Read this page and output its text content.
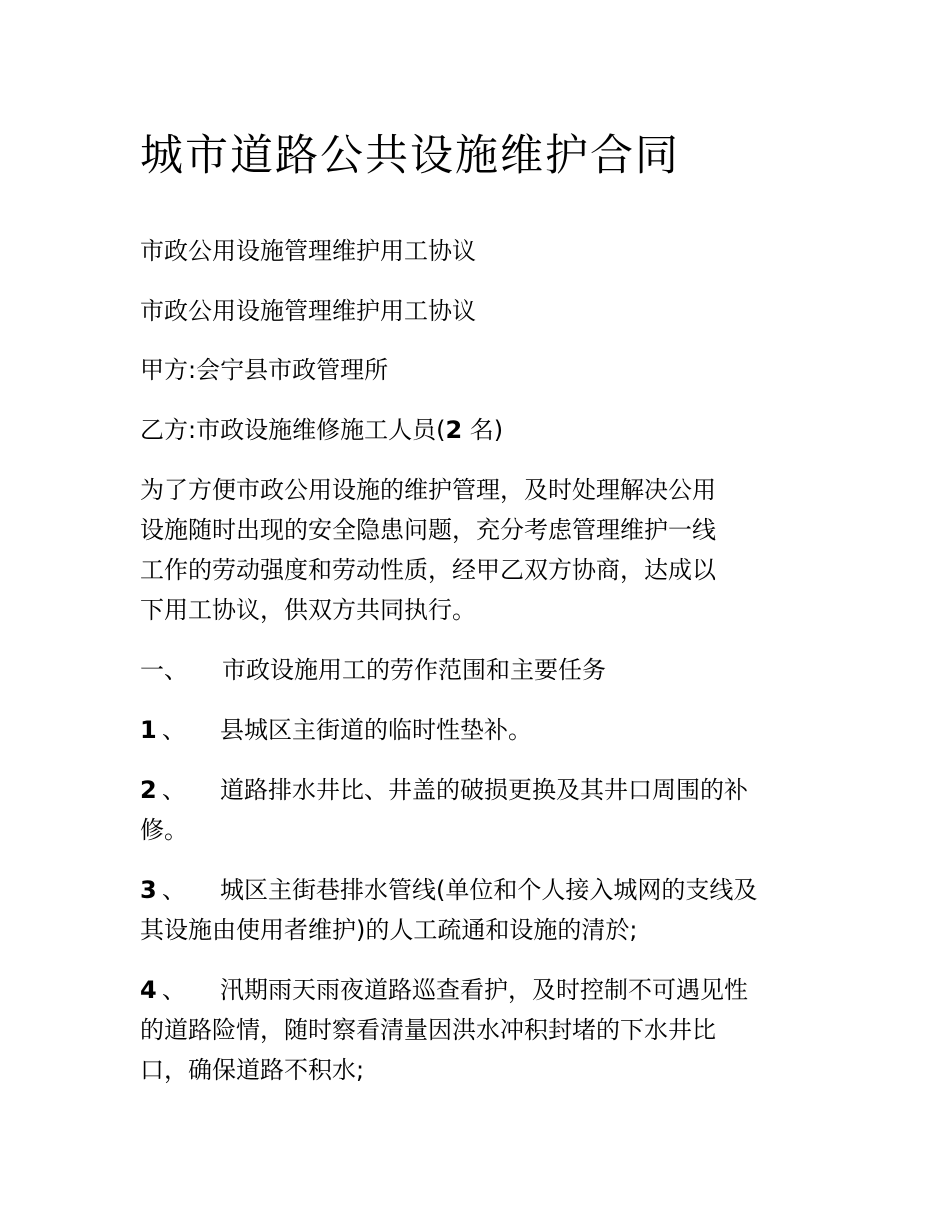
城市道路公共设施维护合同

市政公用设施管理维护用工协议

市政公用设施管理维护用工协议

甲方:会宁县市政管理所

乙方:市政设施维修施工人员(2 名)

为了方便市政公用设施的维护管理，及时处理解决公用
设施随时出现的安全隐患问题，充分考虑管理维护一线
工作的劳动强度和劳动性质，经甲乙双方协商，达成以
下用工协议，供双方共同执行。

一、 市政设施用工的劳作范围和主要任务

1 、 县城区主街道的临时性垫补。

2 、 道路排水井比、井盖的破损更换及其井口周围的补
修。
3 、 城区主街巷排水管线(单位和个人接入城网的支线及
其设施由使用者维护)的人工疏通和设施的清於;
4 、 汛期雨天雨夜道路巡查看护，及时控制不可遇见性
的道路险情，随时察看清量因洪水冲积封堵的下水井比
口，确保道路不积水;
